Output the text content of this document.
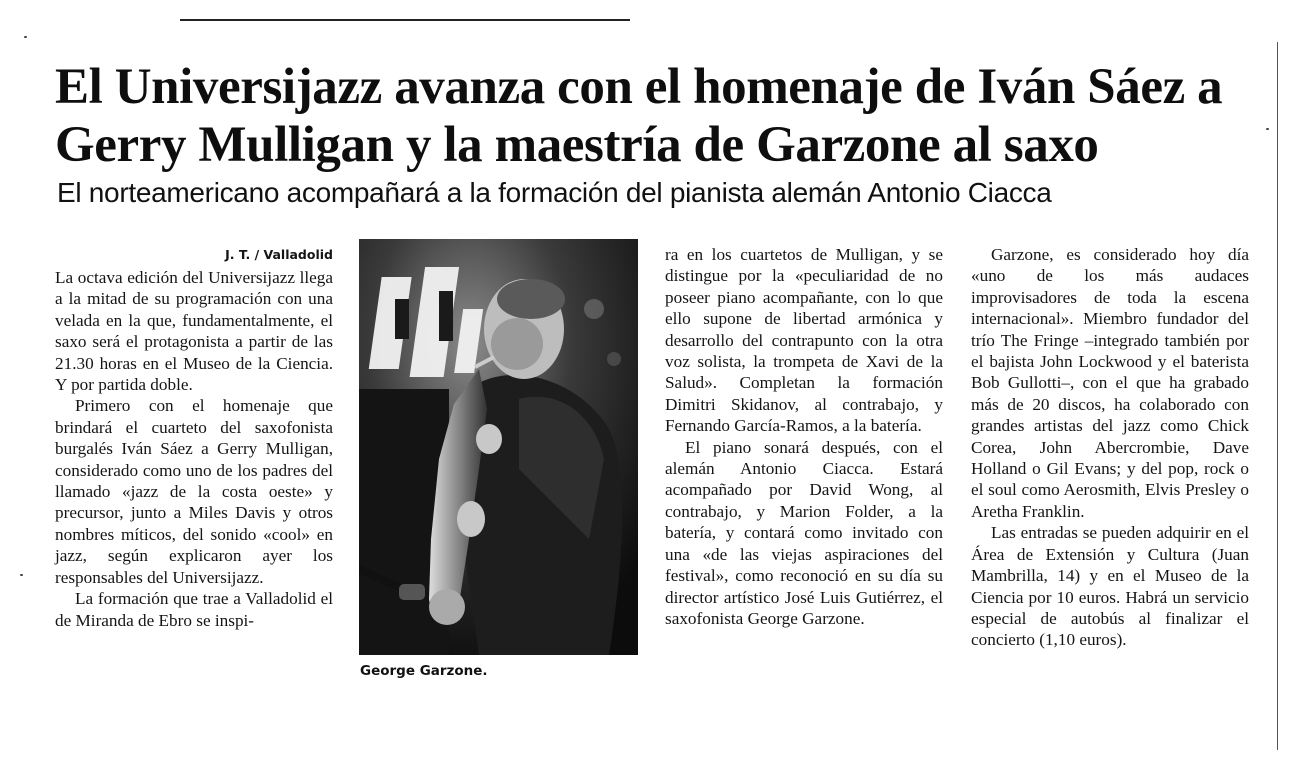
El Universijazz avanza con el homenaje de Iván Sáez a Gerry Mulligan y la maestría de Garzone al saxo
El norteamericano acompañará a la formación del pianista alemán Antonio Ciacca
J. T. / Valladolid

La octava edición del Universijazz llega a la mitad de su programación con una velada en la que, fundamentalmente, el saxo será el protagonista a partir de las 21.30 horas en el Museo de la Ciencia. Y por partida doble.

Primero con el homenaje que brindará el cuarteto del saxofonista burgalés Iván Sáez a Gerry Mulligan, considerado como uno de los padres del llamado «jazz de la costa oeste» y precursor, junto a Miles Davis y otros nombres míticos, del sonido «cool» en jazz, según explicaron ayer los responsables del Universijazz.

La formación que trae a Valladolid el de Miranda de Ebro se inspi-

George Garzone.

ra en los cuartetos de Mulligan, y se distingue por la «peculiaridad de no poseer piano acompañante, con lo que ello supone de libertad armónica y desarrollo del contrapunto con la otra voz solista, la trompeta de Xavi de la Salud». Completan la formación Dimitri Skidanov, al contrabajo, y Fernando García-Ramos, a la batería.

El piano sonará después, con el alemán Antonio Ciacca. Estará acompañado por David Wong, al contrabajo, y Marion Folder, a la batería, y contará como invitado con una «de las viejas aspiraciones del festival», como reconoció en su día su director artístico José Luis Gutiérrez, el saxofonista George Garzone.

Garzone, es considerado hoy día «uno de los más audaces improvisadores de toda la escena internacional». Miembro fundador del trío The Fringe –integrado también por el bajista John Lockwood y el baterista Bob Gullotti–, con el que ha grabado más de 20 discos, ha colaborado con grandes artistas del jazz como Chick Corea, John Abercrombie, Dave Holland o Gil Evans; y del pop, rock o el soul como Aerosmith, Elvis Presley o Aretha Franklin.

Las entradas se pueden adquirir en el Área de Extensión y Cultura (Juan Mambrilla, 14) y en el Museo de la Ciencia por 10 euros. Habrá un servicio especial de autobús al finalizar el concierto (1,10 euros).
